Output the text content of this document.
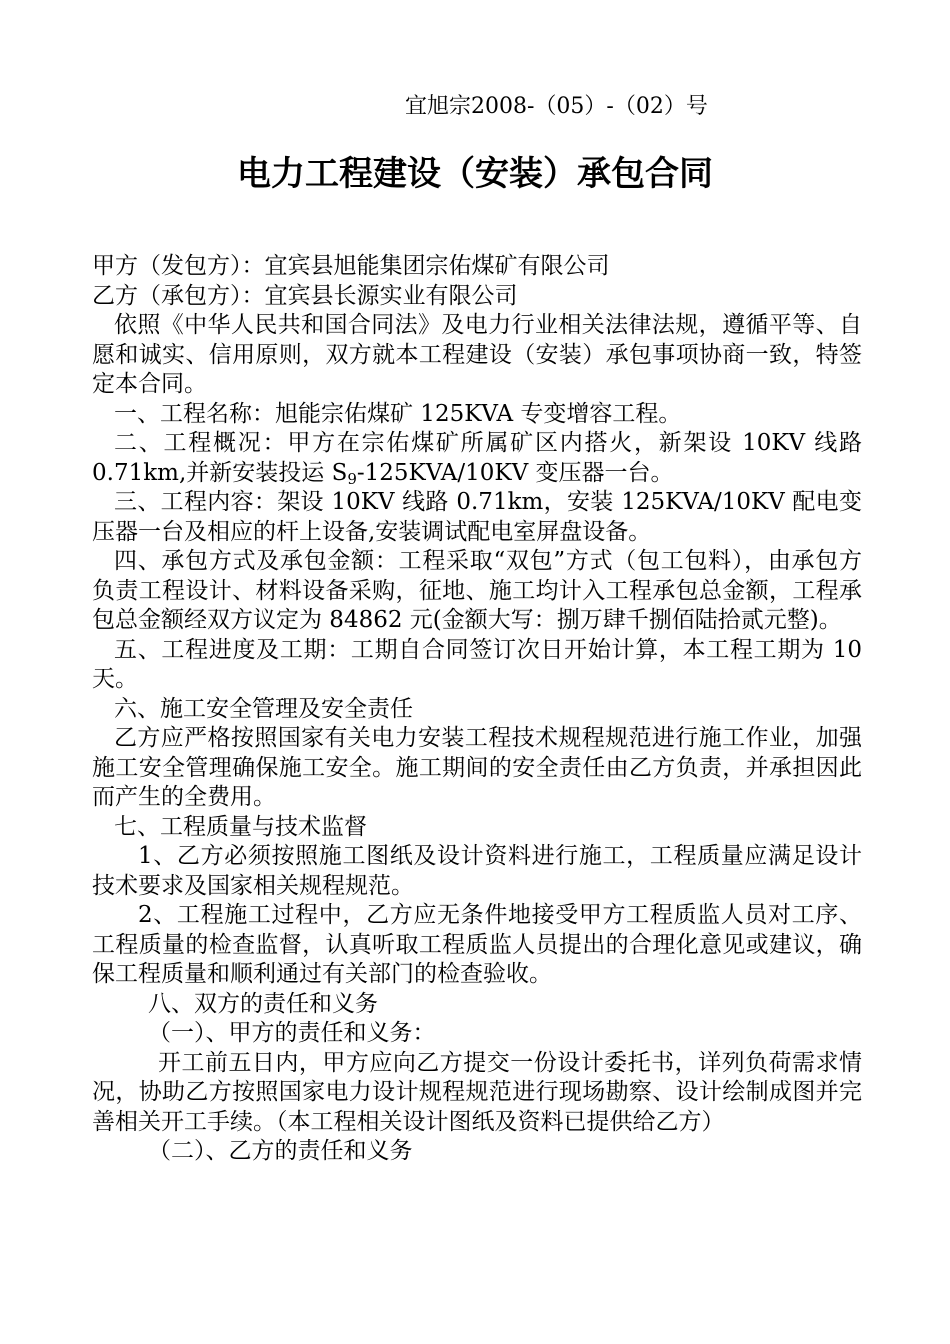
宜旭宗2008-（05）-（02）号
电力工程建设（安装）承包合同

甲方（发包方）：宜宾县旭能集团宗佑煤矿有限公司

乙方（承包方）：宜宾县长源实业有限公司

依照《中华人民共和国合同法》及电力行业相关法律法规，遵循平等、自愿和诚实、信用原则，双方就本工程建设（安装）承包事项协商一致，特签定本合同。

一、工程名称：旭能宗佑煤矿 125KVA 专变增容工程。

二、工程概况：甲方在宗佑煤矿所属矿区内搭火，新架设 10KV 线路 0.71km,并新安装投运 $S_9-125KVA/10KV$ 变压器一台。

三、工程内容：架设 10KV 线路 0.71km，安装 125KVA/10KV 配电变压器一台及相应的杆上设备,安装调试配电室屏盘设备。

四、承包方式及承包金额：工程采取“双包”方式（包工包料），由承包方负责工程设计、材料设备采购，征地、施工均计入工程承包总金额，工程承包总金额经双方议定为 84862 元(金额大写：捌万肆千捌佰陆拾贰元整)。

五、工程进度及工期：工期自合同签订次日开始计算，本工程工期为 10 天。

六、施工安全管理及安全责任

乙方应严格按照国家有关电力安装工程技术规程规范进行施工作业，加强施工安全管理确保施工安全。施工期间的安全责任由乙方负责，并承担因此而产生的全费用。

七、工程质量与技术监督

1、乙方必须按照施工图纸及设计资料进行施工，工程质量应满足设计技术要求及国家相关规程规范。

2、工程施工过程中，乙方应无条件地接受甲方工程质监人员对工序、工程质量的检查监督，认真听取工程质监人员提出的合理化意见或建议，确保工程质量和顺利通过有关部门的检查验收。

八、双方的责任和义务

（一）、甲方的责任和义务：

开工前五日内，甲方应向乙方提交一份设计委托书，详列负荷需求情况，协助乙方按照国家电力设计规程规范进行现场勘察、设计绘制成图并完善相关开工手续。（本工程相关设计图纸及资料已提供给乙方）

（二）、乙方的责任和义务
